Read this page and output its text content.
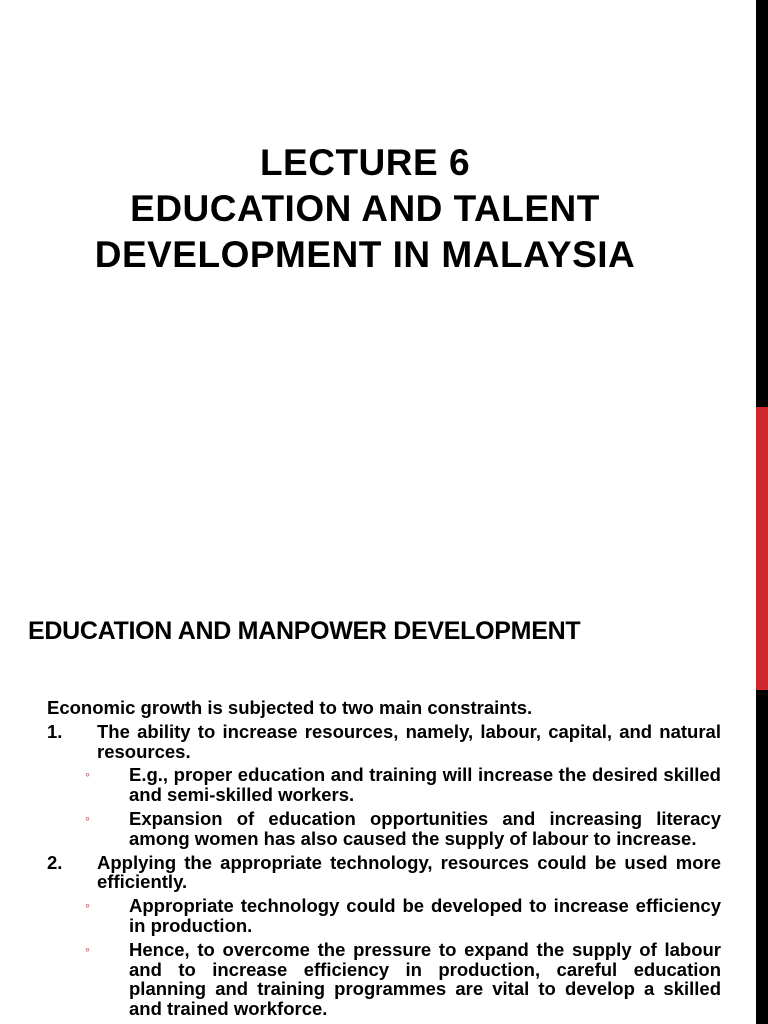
LECTURE 6
EDUCATION AND TALENT
DEVELOPMENT IN MALAYSIA
EDUCATION AND MANPOWER DEVELOPMENT
Economic growth is subjected to two main constraints.
1. The ability to increase resources, namely, labour, capital, and natural resources.
◦ E.g., proper education and training will increase the desired skilled and semi-skilled workers.
◦ Expansion of education opportunities and increasing literacy among women has also caused the supply of labour to increase.
2. Applying the appropriate technology, resources could be used more efficiently.
◦ Appropriate technology could be developed to increase efficiency in production.
◦ Hence, to overcome the pressure to expand the supply of labour and to increase efficiency in production, careful education planning and training programmes are vital to develop a skilled and trained workforce.
